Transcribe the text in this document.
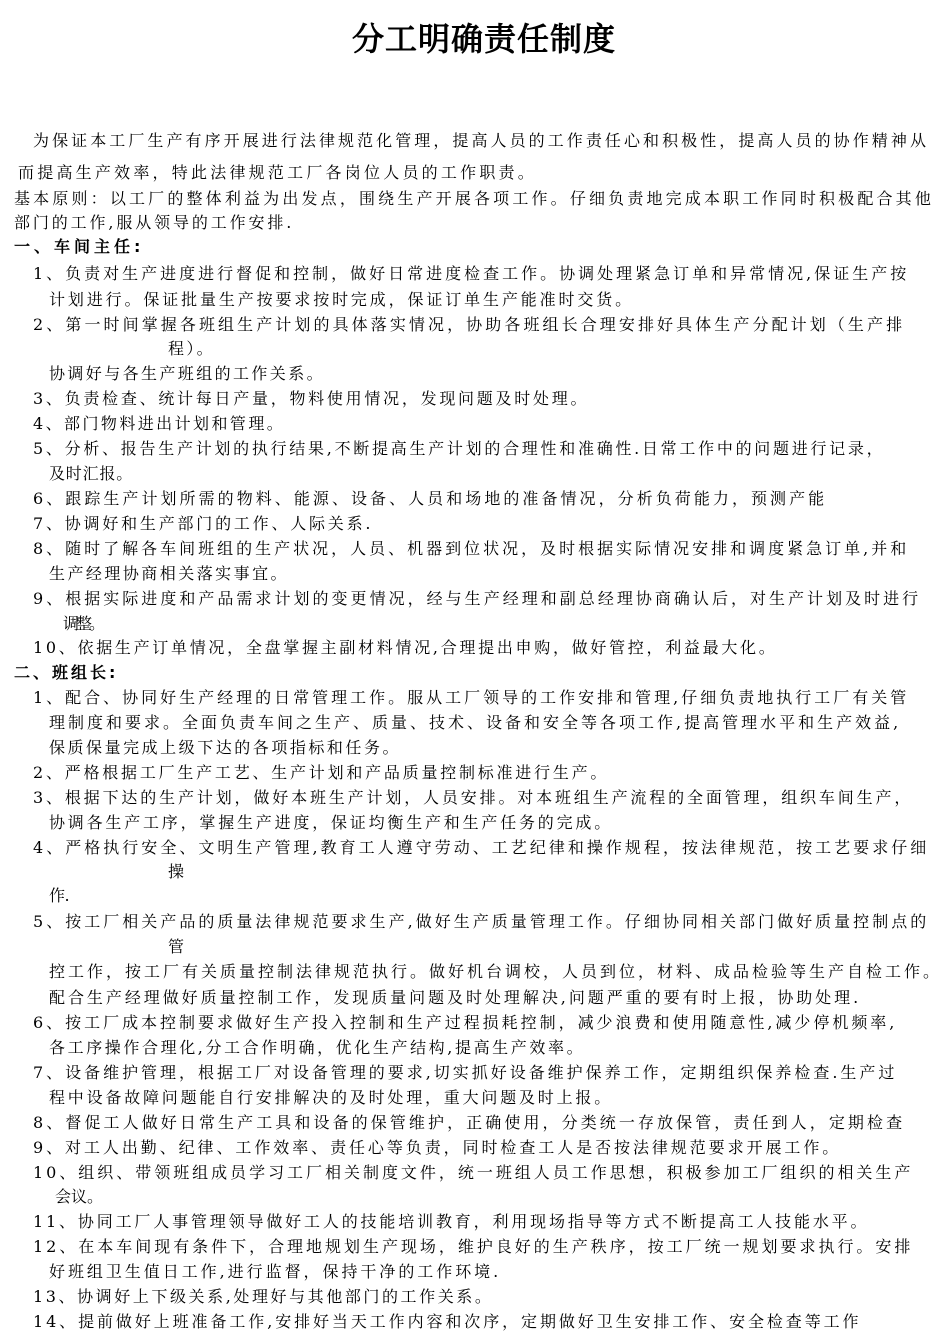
分工明确责任制度
为保证本工厂生产有序开展进行法律规范化管理，提高人员的工作责任心和积极性，提高人员的协作精神从
而提高生产效率，特此法律规范工厂各岗位人员的工作职责。
基本原则：以工厂的整体利益为出发点，围绕生产开展各项工作。仔细负责地完成本职工作同时积极配合其他
部门的工作,服从领导的工作安排.
一、车间主任:
1、负责对生产进度进行督促和控制，做好日常进度检查工作。协调处理紧急订单和异常情况,保证生产按
计划进行。保证批量生产按要求按时完成，保证订单生产能准时交货。
2、第一时间掌握各班组生产计划的具体落实情况，协助各班组长合理安排好具体生产分配计划（生产排
程）。
协调好与各生产班组的工作关系。
3、负责检查、统计每日产量，物料使用情况，发现问题及时处理。
4、部门物料进出计划和管理。
5、分析、报告生产计划的执行结果,不断提高生产计划的合理性和准确性.日常工作中的问题进行记录，
及时汇报。
6、跟踪生产计划所需的物料、能源、设备、人员和场地的准备情况，分析负荷能力，预测产能
7、协调好和生产部门的工作、人际关系.
8、随时了解各车间班组的生产状况，人员、机器到位状况，及时根据实际情况安排和调度紧急订单,并和
生产经理协商相关落实事宜。
9、根据实际进度和产品需求计划的变更情况，经与生产经理和副总经理协商确认后，对生产计划及时进行
调整。
10、依据生产订单情况，全盘掌握主副材料情况,合理提出申购，做好管控，利益最大化。
二、班组长:
1、配合、协同好生产经理的日常管理工作。服从工厂领导的工作安排和管理,仔细负责地执行工厂有关管
理制度和要求。全面负责车间之生产、质量、技术、设备和安全等各项工作,提高管理水平和生产效益,
保质保量完成上级下达的各项指标和任务。
2、严格根据工厂生产工艺、生产计划和产品质量控制标准进行生产。
3、根据下达的生产计划，做好本班生产计划，人员安排。对本班组生产流程的全面管理，组织车间生产，
协调各生产工序，掌握生产进度，保证均衡生产和生产任务的完成。
4、严格执行安全、文明生产管理,教育工人遵守劳动、工艺纪律和操作规程，按法律规范，按工艺要求仔细
操
作.
5、按工厂相关产品的质量法律规范要求生产,做好生产质量管理工作。仔细协同相关部门做好质量控制点的
管
控工作，按工厂有关质量控制法律规范执行。做好机台调校，人员到位，材料、成品检验等生产自检工作。
配合生产经理做好质量控制工作，发现质量问题及时处理解决,问题严重的要有时上报，协助处理.
6、按工厂成本控制要求做好生产投入控制和生产过程损耗控制，减少浪费和使用随意性,减少停机频率,
各工序操作合理化,分工合作明确，优化生产结构,提高生产效率。
7、设备维护管理，根据工厂对设备管理的要求,切实抓好设备维护保养工作，定期组织保养检查.生产过
程中设备故障问题能自行安排解决的及时处理，重大问题及时上报。
8、督促工人做好日常生产工具和设备的保管维护，正确使用，分类统一存放保管，责任到人，定期检查
9、对工人出勤、纪律、工作效率、责任心等负责，同时检查工人是否按法律规范要求开展工作。
10、组织、带领班组成员学习工厂相关制度文件，统一班组人员工作思想，积极参加工厂组织的相关生产
会议。
11、协同工厂人事管理领导做好工人的技能培训教育，利用现场指导等方式不断提高工人技能水平。
12、在本车间现有条件下，合理地规划生产现场，维护良好的生产秩序，按工厂统一规划要求执行。安排
好班组卫生值日工作,进行监督，保持干净的工作环境.
13、协调好上下级关系,处理好与其他部门的工作关系。
14、提前做好上班准备工作,安排好当天工作内容和次序，定期做好卫生安排工作、安全检查等工作
